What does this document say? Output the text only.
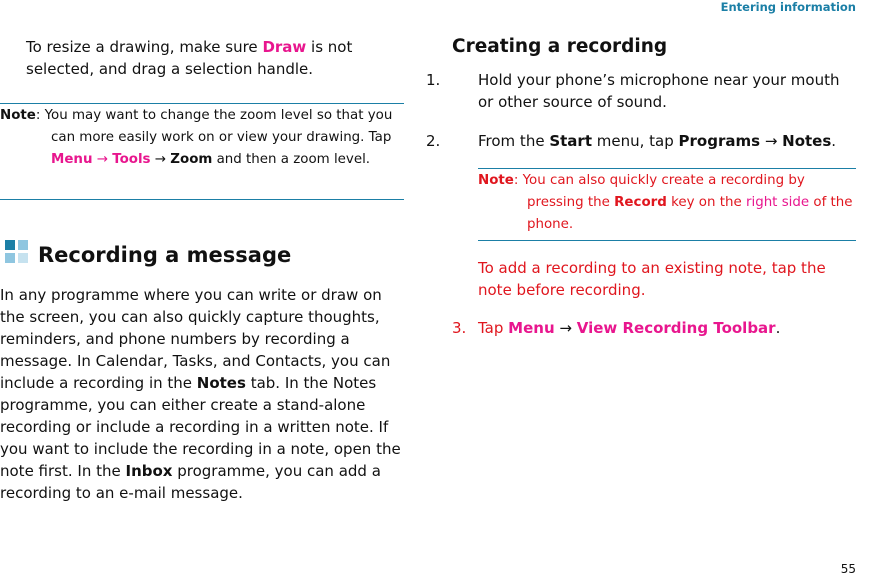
Entering information

To resize a drawing, make sure Draw is not selected, and drag a selection handle.

Note: You may want to change the zoom level so that you can more easily work on or view your drawing. Tap Menu → Tools → Zoom and then a zoom level.

Recording a message

In any programme where you can write or draw on the screen, you can also quickly capture thoughts, reminders, and phone numbers by recording a message. In Calendar, Tasks, and Contacts, you can include a recording in the Notes tab. In the Notes programme, you can either create a stand-alone recording or include a recording in a written note. If you want to include the recording in a note, open the note first. In the Inbox programme, you can add a recording to an e-mail message.

Creating a recording

1.	Hold your phone’s microphone near your mouth or other source of sound.

2.	From the Start menu, tap Programs → Notes.

Note: You can also quickly create a recording by pressing the Record key on the right side of the phone.

To add a recording to an existing note, tap the note before recording.

3. Tap Menu → View Recording Toolbar.

55
